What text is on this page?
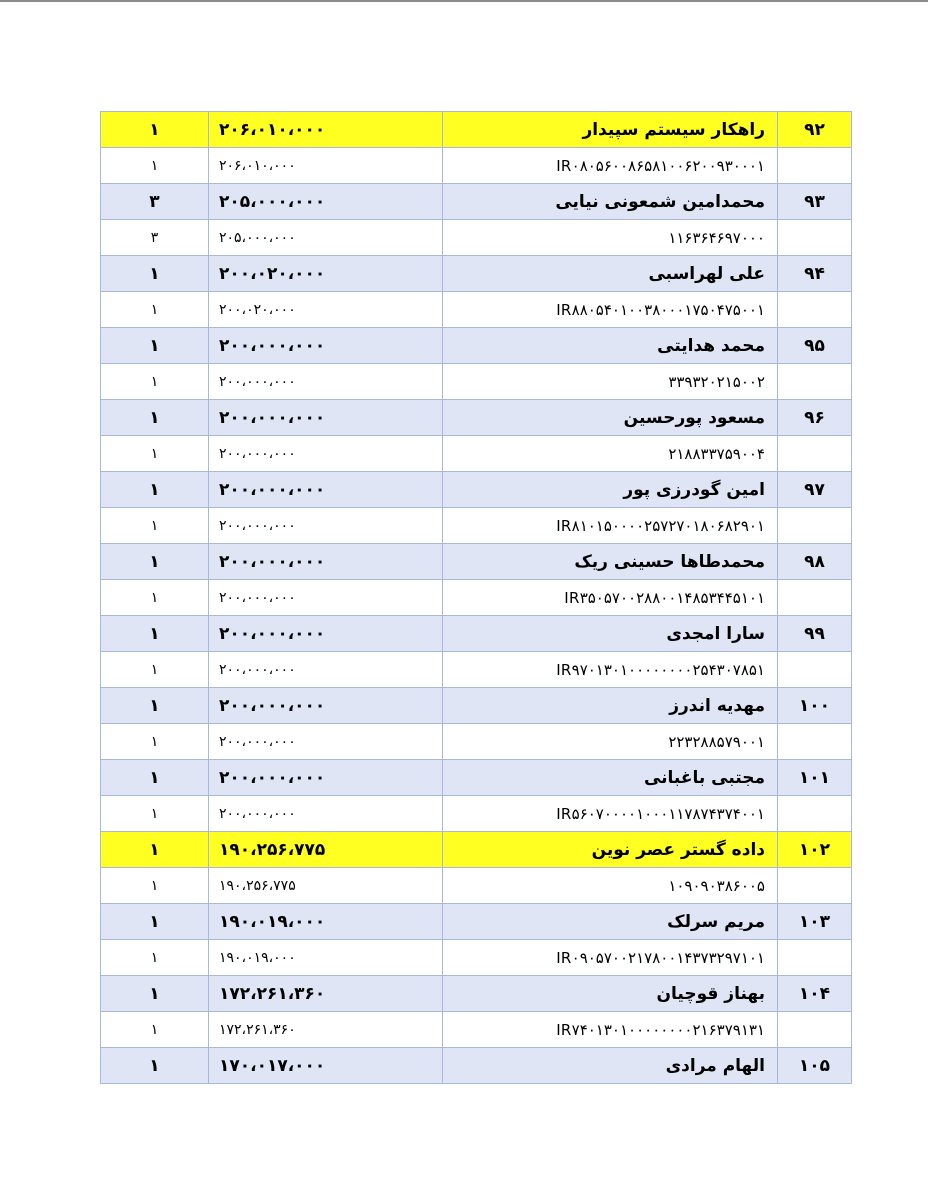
۱	۲۰۶،۰۱۰،۰۰۰	راهکار سیستم سپیدار	۹۲
۱	۲۰۶،۰۱۰،۰۰۰	IR۰۸۰۵۶۰۰۸۶۵۸۱۰۰۶۲۰۰۹۳۰۰۰۱	
۳	۲۰۵،۰۰۰،۰۰۰	محمدامین شمعونی نیایی	۹۳
۳	۲۰۵،۰۰۰،۰۰۰	۱۱۶۳۶۴۶۹۷۰۰۰	
۱	۲۰۰،۰۲۰،۰۰۰	علی لهراسبی	۹۴
۱	۲۰۰،۰۲۰،۰۰۰	IR۸۸۰۵۴۰۱۰۰۳۸۰۰۰۱۷۵۰۴۷۵۰۰۱	
۱	۲۰۰،۰۰۰،۰۰۰	محمد هدایتی	۹۵
۱	۲۰۰،۰۰۰،۰۰۰	۳۳۹۳۲۰۲۱۵۰۰۲	
۱	۲۰۰،۰۰۰،۰۰۰	مسعود پورحسین	۹۶
۱	۲۰۰،۰۰۰،۰۰۰	۲۱۸۸۳۳۷۵۹۰۰۴	
۱	۲۰۰،۰۰۰،۰۰۰	امین گودرزی پور	۹۷
۱	۲۰۰،۰۰۰،۰۰۰	IR۸۱۰۱۵۰۰۰۰۲۵۷۲۷۰۱۸۰۶۸۲۹۰۱	
۱	۲۰۰،۰۰۰،۰۰۰	محمدطاها حسینی ریک	۹۸
۱	۲۰۰،۰۰۰،۰۰۰	IR۳۵۰۵۷۰۰۲۸۸۰۰۱۴۸۵۳۴۴۵۱۰۱	
۱	۲۰۰،۰۰۰،۰۰۰	سارا امجدی	۹۹
۱	۲۰۰،۰۰۰،۰۰۰	IR۹۷۰۱۳۰۱۰۰۰۰۰۰۰۰۲۵۴۳۰۷۸۵۱	
۱	۲۰۰،۰۰۰،۰۰۰	مهدیه اندرز	۱۰۰
۱	۲۰۰،۰۰۰،۰۰۰	۲۲۳۲۸۸۵۷۹۰۰۱	
۱	۲۰۰،۰۰۰،۰۰۰	مجتبی باغبانی	۱۰۱
۱	۲۰۰،۰۰۰،۰۰۰	IR۵۶۰۷۰۰۰۰۱۰۰۰۱۱۷۸۷۴۳۷۴۰۰۱	
۱	۱۹۰،۲۵۶،۷۷۵	داده گستر عصر نوین	۱۰۲
۱	۱۹۰،۲۵۶،۷۷۵	۱۰۹۰۹۰۳۸۶۰۰۵	
۱	۱۹۰،۰۱۹،۰۰۰	مریم سرلک	۱۰۳
۱	۱۹۰،۰۱۹،۰۰۰	IR۰۹۰۵۷۰۰۲۱۷۸۰۰۱۴۳۷۳۲۹۷۱۰۱	
۱	۱۷۲،۲۶۱،۳۶۰	بهناز قوچیان	۱۰۴
۱	۱۷۲،۲۶۱،۳۶۰	IR۷۴۰۱۳۰۱۰۰۰۰۰۰۰۰۲۱۶۳۷۹۱۳۱	
۱	۱۷۰،۰۱۷،۰۰۰	الهام مرادی	۱۰۵
